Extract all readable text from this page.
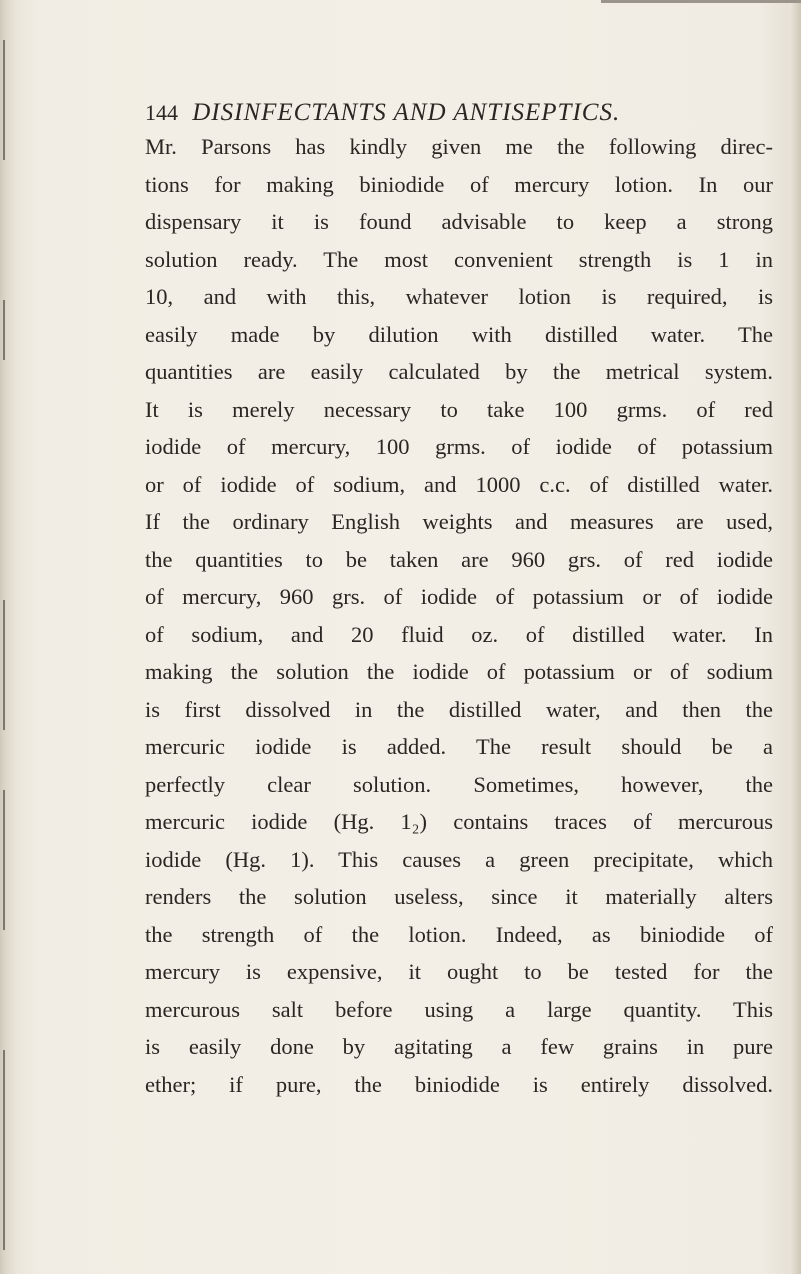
144 DISINFECTANTS AND ANTISEPTICS.
Mr. Parsons has kindly given me the following direc-
tions for making biniodide of mercury lotion. In our
dispensary it is found advisable to keep a strong
solution ready. The most convenient strength is 1 in
10, and with this, whatever lotion is required, is
easily made by dilution with distilled water. The
quantities are easily calculated by the metrical system.
It is merely necessary to take 100 grms. of red
iodide of mercury, 100 grms. of iodide of potassium
or of iodide of sodium, and 1000 c.c. of distilled water.
If the ordinary English weights and measures are used,
the quantities to be taken are 960 grs. of red iodide
of mercury, 960 grs. of iodide of potassium or of iodide
of sodium, and 20 fluid oz. of distilled water. In
making the solution the iodide of potassium or of sodium
is first dissolved in the distilled water, and then the
mercuric iodide is added. The result should be a
perfectly clear solution. Sometimes, however, the
mercuric iodide (Hg. 1₂) contains traces of mercurous
iodide (Hg. 1). This causes a green precipitate, which
renders the solution useless, since it materially alters
the strength of the lotion. Indeed, as biniodide of
mercury is expensive, it ought to be tested for the
mercurous salt before using a large quantity. This
is easily done by agitating a few grains in pure
ether; if pure, the biniodide is entirely dissolved.
